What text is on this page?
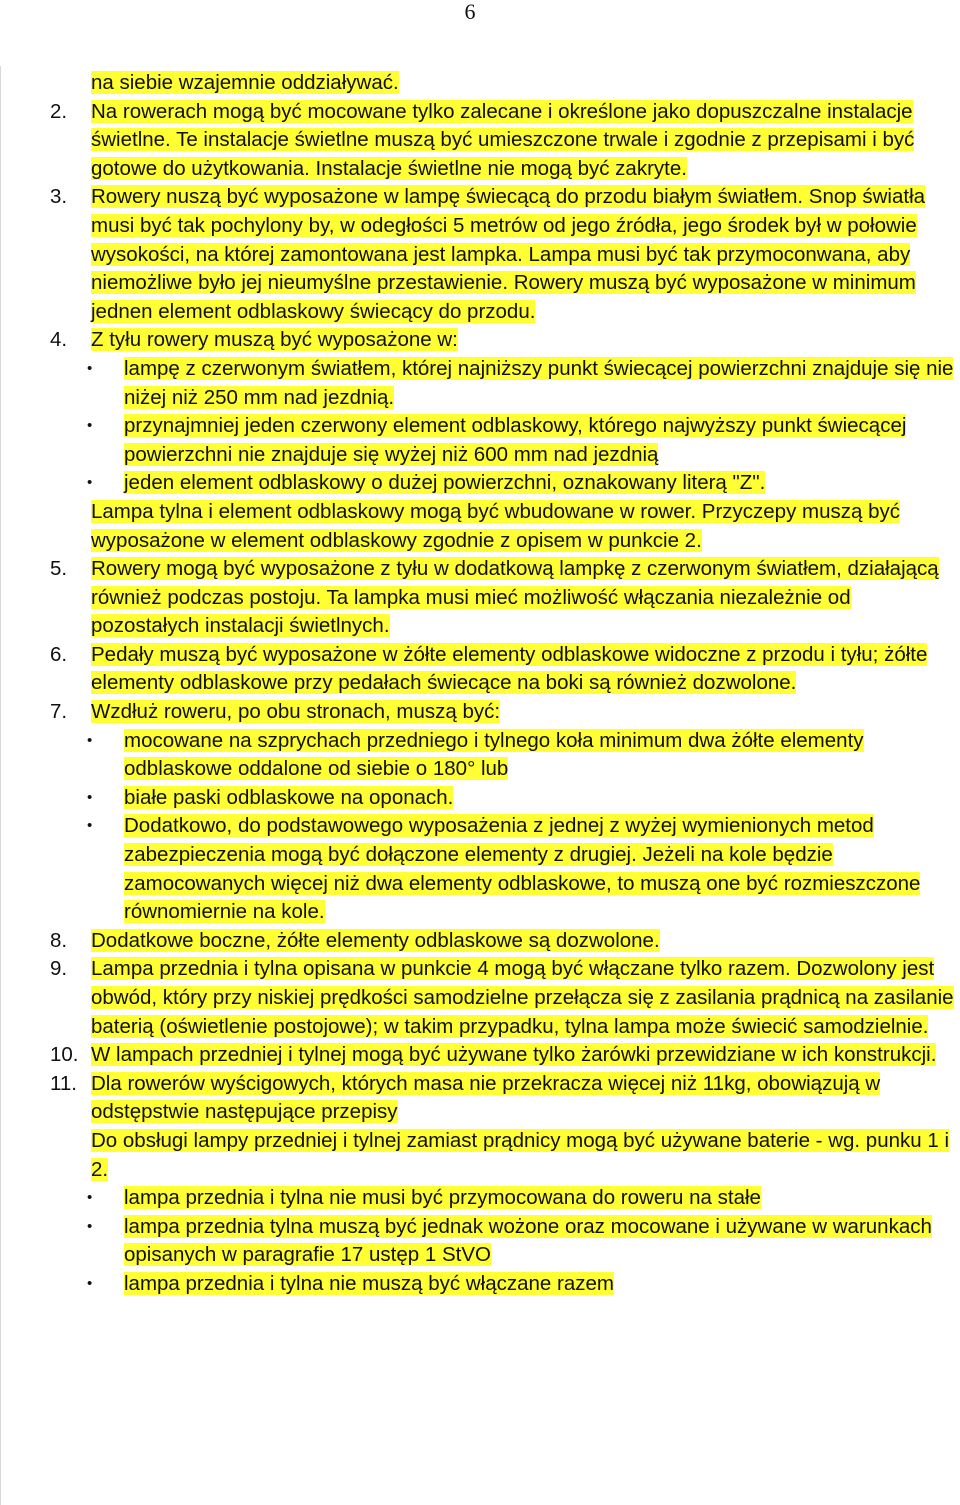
6
na siebie wzajemnie oddziaływać.
2. Na rowerach mogą być mocowane tylko zalecane i określone jako dopuszczalne instalacje świetlne. Te instalacje świetlne muszą być umieszczone trwale i zgodnie z przepisami i być gotowe do użytkowania. Instalacje świetlne nie mogą być zakryte.
3. Rowery nuszą być wyposażone w lampę świecącą do przodu białym światłem. Snop światła musi być tak pochylony by, w odegłości 5 metrów od jego źródła, jego środek był w połowie wysokości, na której zamontowana jest lampka. Lampa musi być tak przymoconwana, aby niemożliwe było jej nieumyślne przestawienie. Rowery muszą być wyposażone w minimum jednen element odblaskowy świecący do przodu.
4. Z tyłu rowery muszą być wyposażone w:
• lampę z czerwonym światłem, której najniższy punkt świecącej powierzchni znajduje się nie niżej niż 250 mm nad jezdnią.
• przynajmniej jeden czerwony element odblaskowy, którego najwyższy punkt świecącej powierzchni nie znajduje się wyżej niż 600 mm nad jezdnią
• jeden element odblaskowy o dużej powierzchni, oznakowany literą "Z".
Lampa tylna i element odblaskowy mogą być wbudowane w rower. Przyczepy muszą być wyposażone w element odblaskowy zgodnie z opisem w punkcie 2.
5. Rowery mogą być wyposażone z tyłu w dodatkową lampkę z czerwonym światłem, działającą również podczas postoju. Ta lampka musi mieć możliwość włączania niezależnie od pozostałych instalacji świetlnych.
6. Pedały muszą być wyposażone w żółte elementy odblaskowe widoczne z przodu i tyłu; żółte elementy odblaskowe przy pedałach świecące na boki są również dozwolone.
7. Wzdłuż roweru, po obu stronach, muszą być:
• mocowane na szprychach przedniego i tylnego koła minimum dwa żółte elementy odblaskowe oddalone od siebie o 180° lub
• białe paski odblaskowe na oponach.
• Dodatkowo, do podstawowego wyposażenia z jednej z wyżej wymienionych metod zabezpieczenia mogą być dołączone elementy z drugiej. Jeżeli na kole będzie zamocowanych więcej niż dwa elementy odblaskowe, to muszą one być rozmieszczone równomiernie na kole.
8. Dodatkowe boczne, żółte elementy odblaskowe są dozwolone.
9. Lampa przednia i tylna opisana w punkcie 4 mogą być włączane tylko razem. Dozwolony jest obwód, który przy niskiej prędkości samodzielne przełącza się z zasilania prądnicą na zasilanie baterią (oświetlenie postojowe); w takim przypadku, tylna lampa może świecić samodzielnie.
10. W lampach przedniej i tylnej mogą być używane tylko żarówki przewidziane w ich konstrukcji.
11. Dla rowerów wyścigowych, których masa nie przekracza więcej niż 11kg, obowiązują w odstępstwie następujące przepisy
Do obsługi lampy przedniej i tylnej zamiast prądnicy mogą być używane baterie - wg. punku 1 i 2.
• lampa przednia i tylna nie musi być przymocowana do roweru na stałe
• lampa przednia tylna muszą być jednak wożone oraz mocowane i używane w warunkach opisanych w paragrafie 17 ustęp 1 StVO
• lampa przednia i tylna nie muszą być włączane razem
